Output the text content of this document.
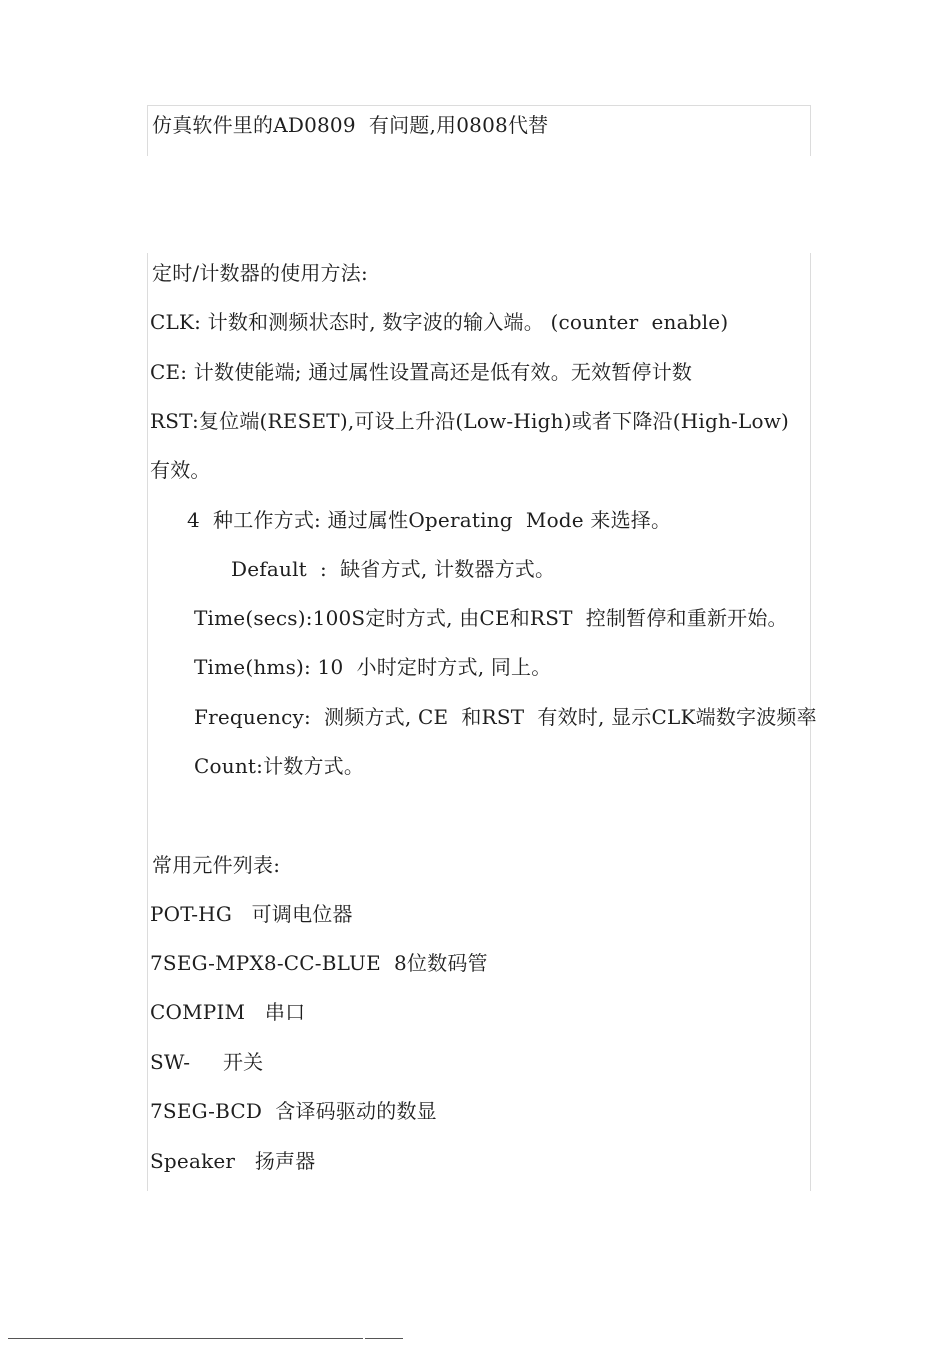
仿真软件里的AD0809  有问题,用0808代替
定时/计数器的使用方法:
CLK: 计数和测频状态时, 数字波的输入端。 (counter  enable)
CE: 计数使能端; 通过属性设置高还是低有效。无效暂停计数
RST:复位端(RESET),可设上升沿(Low-High)或者下降沿(High-Low)
有效。
4  种工作方式: 通过属性Operating  Mode 来选择。
Default  :  缺省方式, 计数器方式。
Time(secs):100S定时方式, 由CE和RST  控制暂停和重新开始。
Time(hms): 10  小时定时方式, 同上。
Frequency:  测频方式, CE  和RST  有效时, 显示CLK端数字波频率
Count:计数方式。
常用元件列表:
POT-HG   可调电位器
7SEG-MPX8-CC-BLUE  8位数码管
COMPIM   串口
SW-     开关
7SEG-BCD  含译码驱动的数显
Speaker   扬声器
